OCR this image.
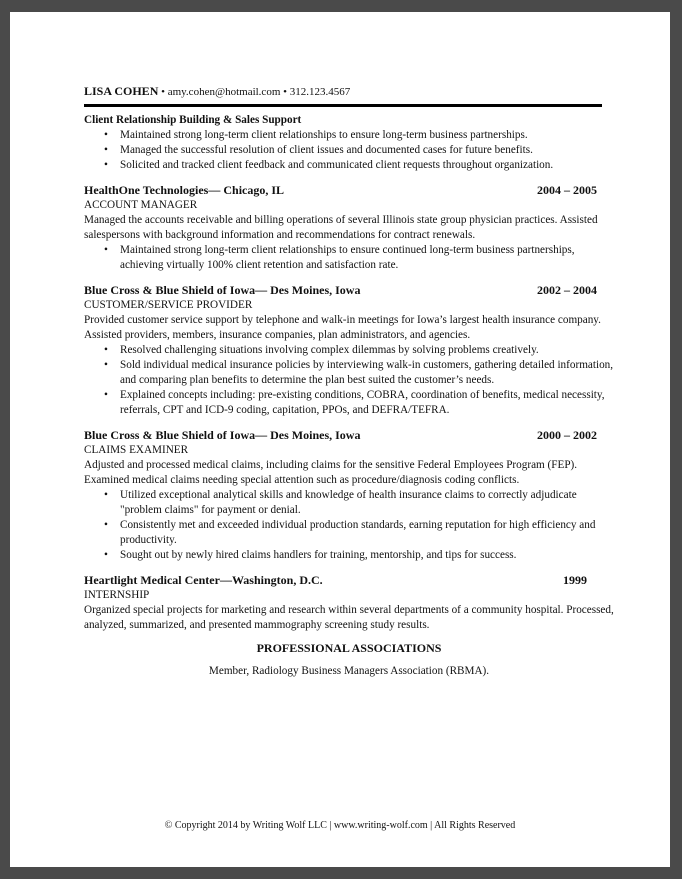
LISA COHEN • amy.cohen@hotmail.com • 312.123.4567
Client Relationship Building & Sales Support
• Maintained strong long-term client relationships to ensure long-term business partnerships.
• Managed the successful resolution of client issues and documented cases for future benefits.
• Solicited and tracked client feedback and communicated client requests throughout organization.
HealthOne Technologies— Chicago, IL	2004 – 2005
ACCOUNT MANAGER
Managed the accounts receivable and billing operations of several Illinois state group physician practices. Assisted salespersons with background information and recommendations for contract renewals.
• Maintained strong long-term client relationships to ensure continued long-term business partnerships, achieving virtually 100% client retention and satisfaction rate.
Blue Cross & Blue Shield of Iowa— Des Moines, Iowa	2002 – 2004
CUSTOMER/SERVICE PROVIDER
Provided customer service support by telephone and walk-in meetings for Iowa’s largest health insurance company. Assisted providers, members, insurance companies, plan administrators, and agencies.
• Resolved challenging situations involving complex dilemmas by solving problems creatively.
• Sold individual medical insurance policies by interviewing walk-in customers, gathering detailed information, and comparing plan benefits to determine the plan best suited the customer’s needs.
• Explained concepts including: pre-existing conditions, COBRA, coordination of benefits, medical necessity, referrals, CPT and ICD-9 coding, capitation, PPOs, and DEFRA/TEFRA.
Blue Cross & Blue Shield of Iowa— Des Moines, Iowa	2000 – 2002
CLAIMS EXAMINER
Adjusted and processed medical claims, including claims for the sensitive Federal Employees Program (FEP). Examined medical claims needing special attention such as procedure/diagnosis coding conflicts.
• Utilized exceptional analytical skills and knowledge of health insurance claims to correctly adjudicate "problem claims" for payment or denial.
• Consistently met and exceeded individual production standards, earning reputation for high efficiency and productivity.
• Sought out by newly hired claims handlers for training, mentorship, and tips for success.
Heartlight Medical Center—Washington, D.C.	1999
INTERNSHIP
Organized special projects for marketing and research within several departments of a community hospital. Processed, analyzed, summarized, and presented mammography screening study results.
PROFESSIONAL ASSOCIATIONS
Member, Radiology Business Managers Association (RBMA).
© Copyright 2014 by Writing Wolf LLC | www.writing-wolf.com | All Rights Reserved
